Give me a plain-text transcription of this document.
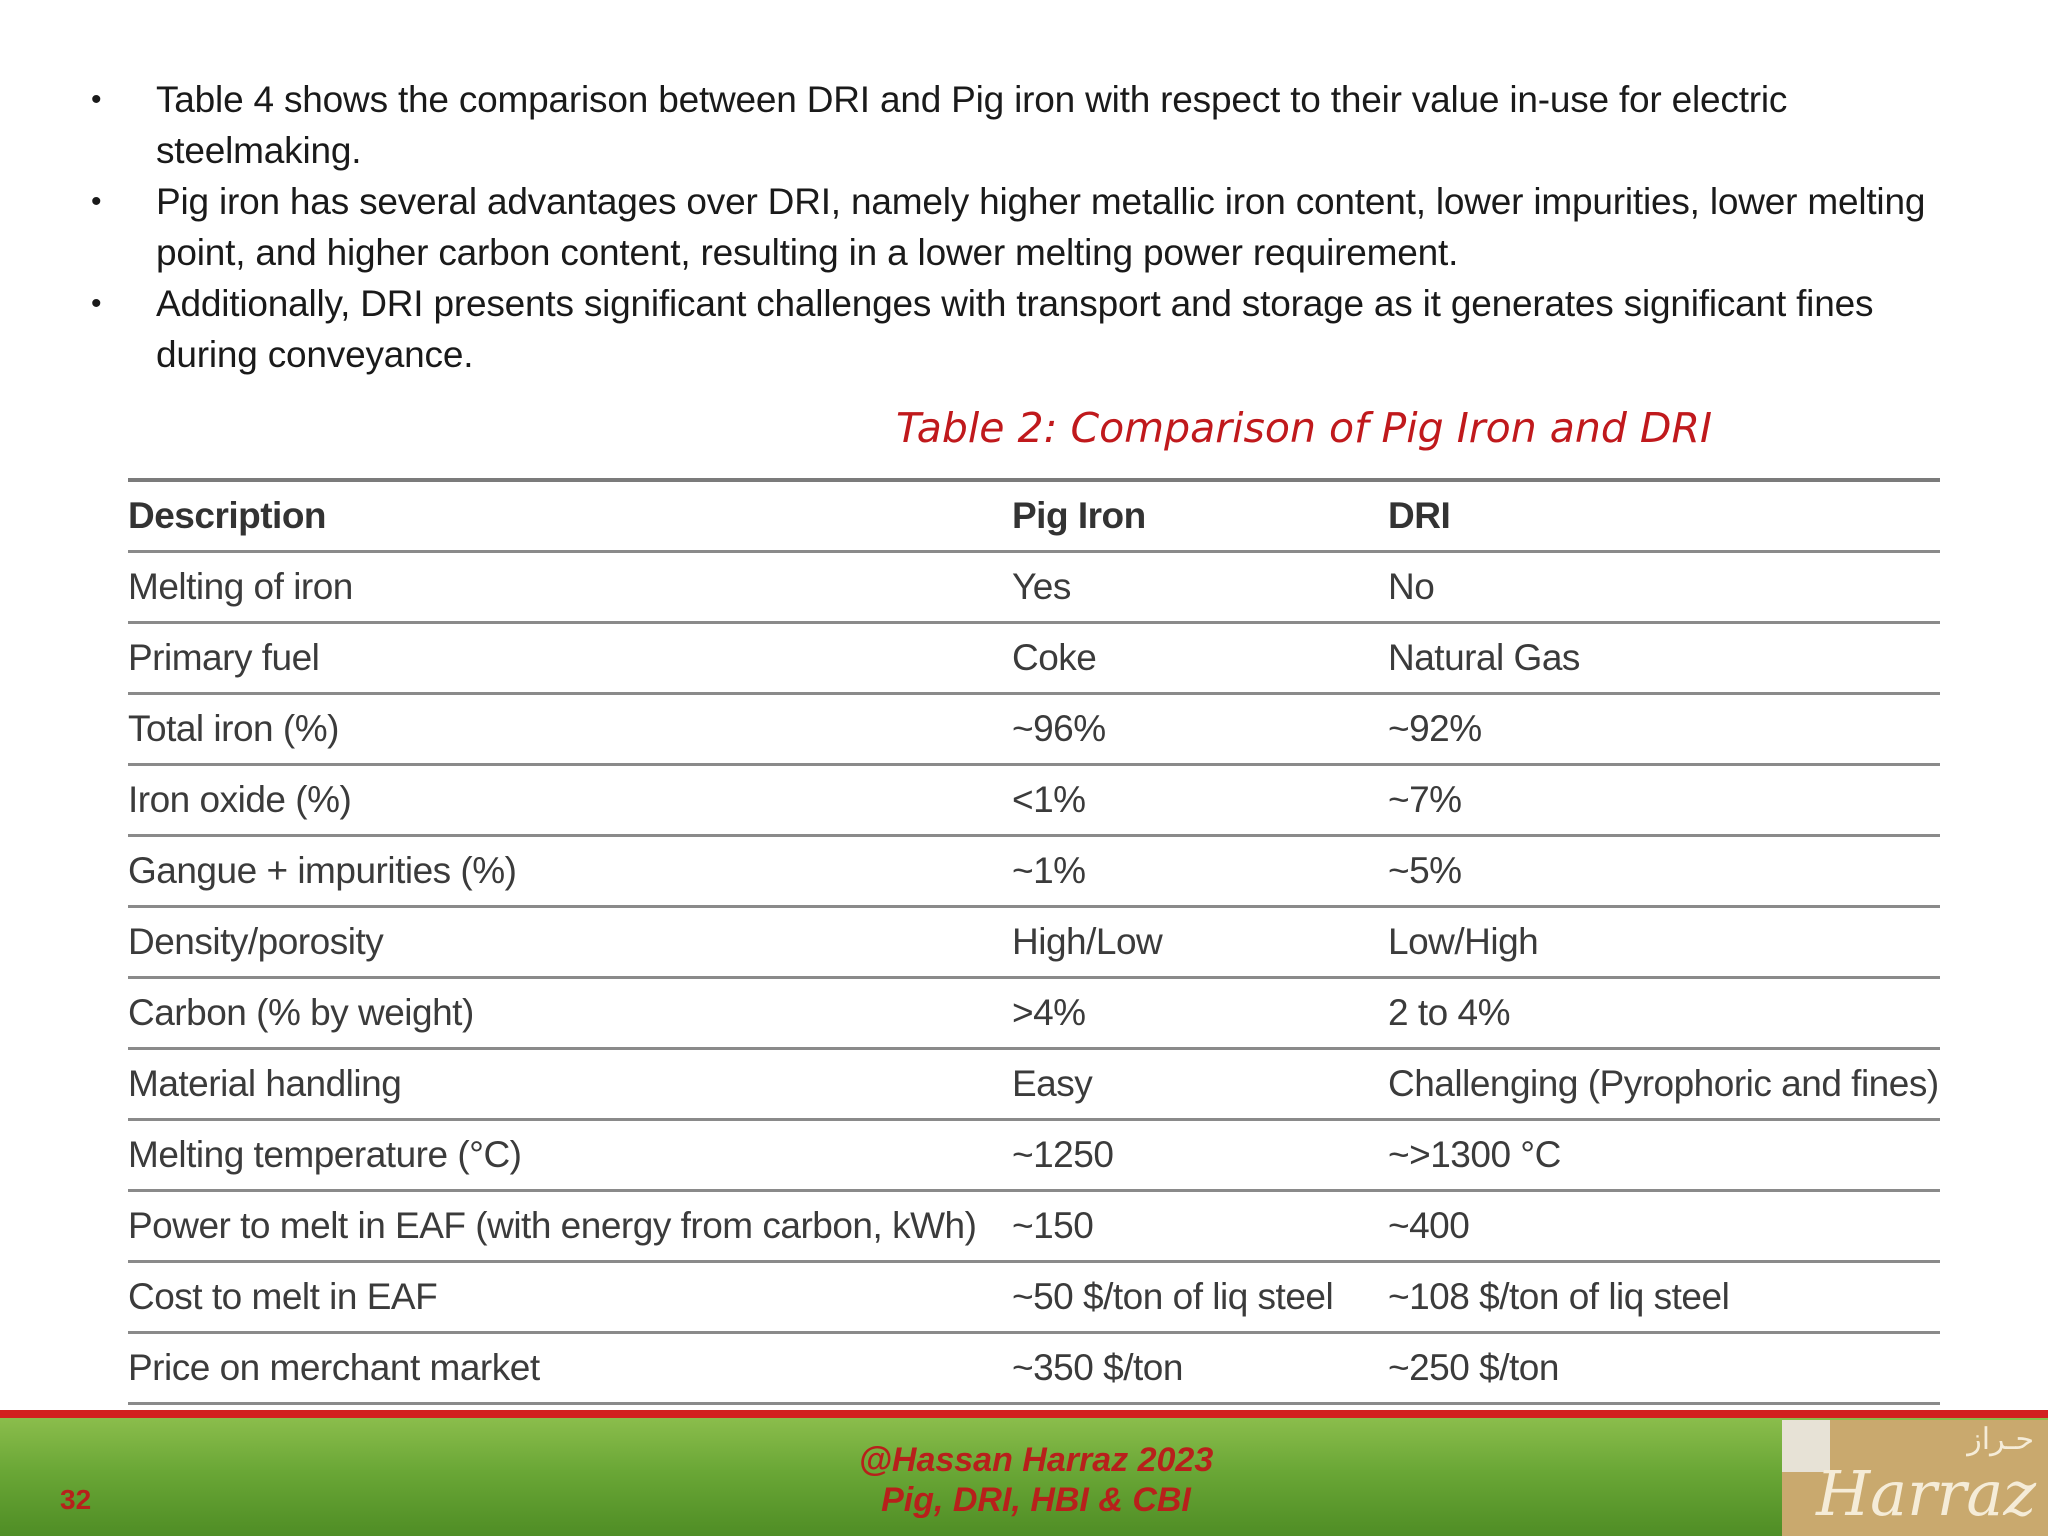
• Table 4 shows the comparison between DRI and Pig iron with respect to their value in-use for electric steelmaking.
• Pig iron has several advantages over DRI, namely higher metallic iron content, lower impurities, lower melting point, and higher carbon content, resulting in a lower melting power requirement.
• Additionally, DRI presents significant challenges with transport and storage as it generates significant fines during conveyance.
Table 2: Comparison of Pig Iron and DRI
Description	Pig Iron	DRI
Melting of iron	Yes	No
Primary fuel	Coke	Natural Gas
Total iron (%)	~96%	~92%
Iron oxide (%)	<1%	~7%
Gangue + impurities (%)	~1%	~5%
Density/porosity	High/Low	Low/High
Carbon (% by weight)	>4%	2 to 4%
Material handling	Easy	Challenging (Pyrophoric and fines)
Melting temperature (°C)	~1250	~>1300 °C
Power to melt in EAF (with energy from carbon, kWh)	~150	~400
Cost to melt in EAF	~50 $/ton of liq steel	~108 $/ton of liq steel
Price on merchant market	~350 $/ton	~250 $/ton
32
@Hassan Harraz 2023
Pig, DRI, HBI & CBI
حـراز
Harraz
